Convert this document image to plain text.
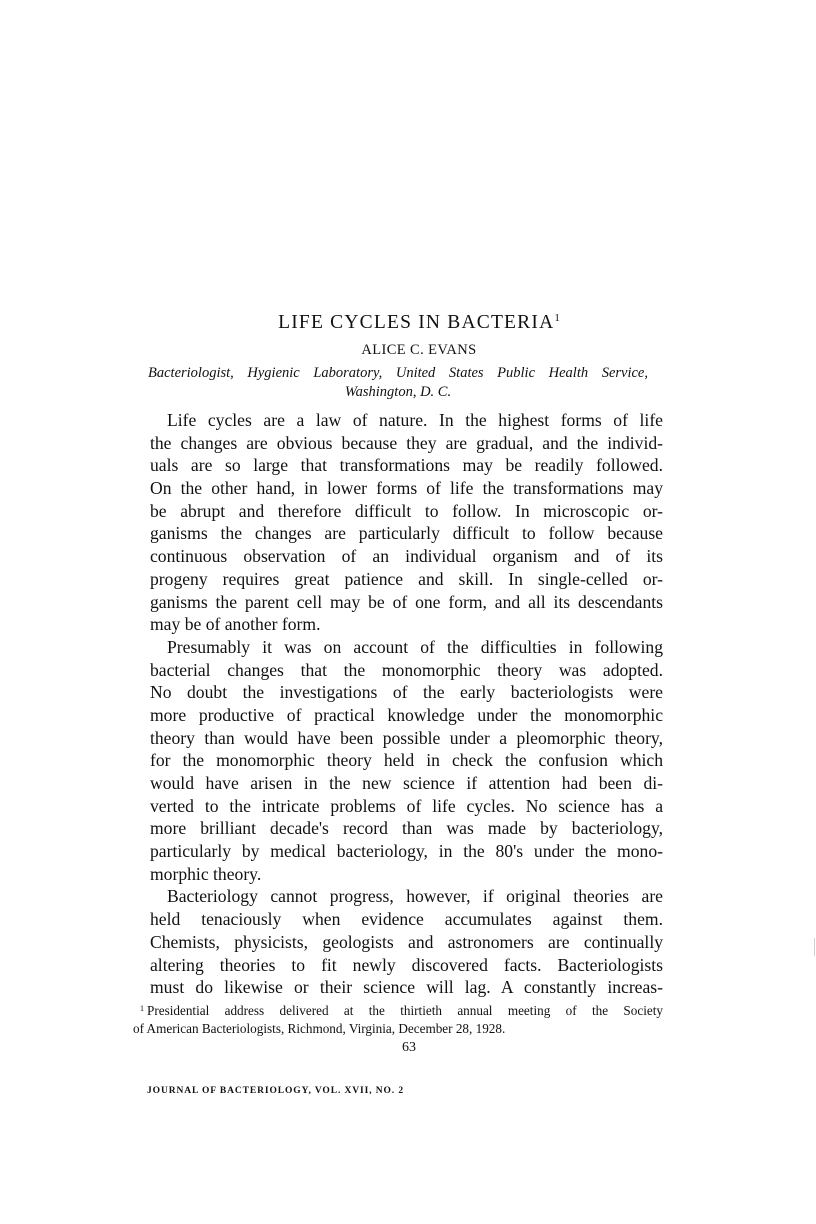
LIFE CYCLES IN BACTERIA$^1$
ALICE C. EVANS
Bacteriologist, Hygienic Laboratory, United States Public Health Service, Washington, D. C.
Life cycles are a law of nature. In the highest forms of life
the changes are obvious because they are gradual, and the individ-
uals are so large that transformations may be readily followed.
On the other hand, in lower forms of life the transformations may
be abrupt and therefore difficult to follow. In microscopic or-
ganisms the changes are particularly difficult to follow because
continuous observation of an individual organism and of its
progeny requires great patience and skill. In single-celled or-
ganisms the parent cell may be of one form, and all its descendants
may be of another form.
Presumably it was on account of the difficulties in following
bacterial changes that the monomorphic theory was adopted.
No doubt the investigations of the early bacteriologists were
more productive of practical knowledge under the monomorphic
theory than would have been possible under a pleomorphic theory,
for the monomorphic theory held in check the confusion which
would have arisen in the new science if attention had been di-
verted to the intricate problems of life cycles. No science has a
more brilliant decade's record than was made by bacteriology,
particularly by medical bacteriology, in the 80's under the mono-
morphic theory.
Bacteriology cannot progress, however, if original theories are
held tenaciously when evidence accumulates against them.
Chemists, physicists, geologists and astronomers are continually
altering theories to fit newly discovered facts. Bacteriologists
must do likewise or their science will lag. A constantly increas-
$^1$ Presidential address delivered at the thirtieth annual meeting of the Society
of American Bacteriologists, Richmond, Virginia, December 28, 1928.
63
JOURNAL OF BACTERIOLOGY, VOL. XVII, NO. 2
